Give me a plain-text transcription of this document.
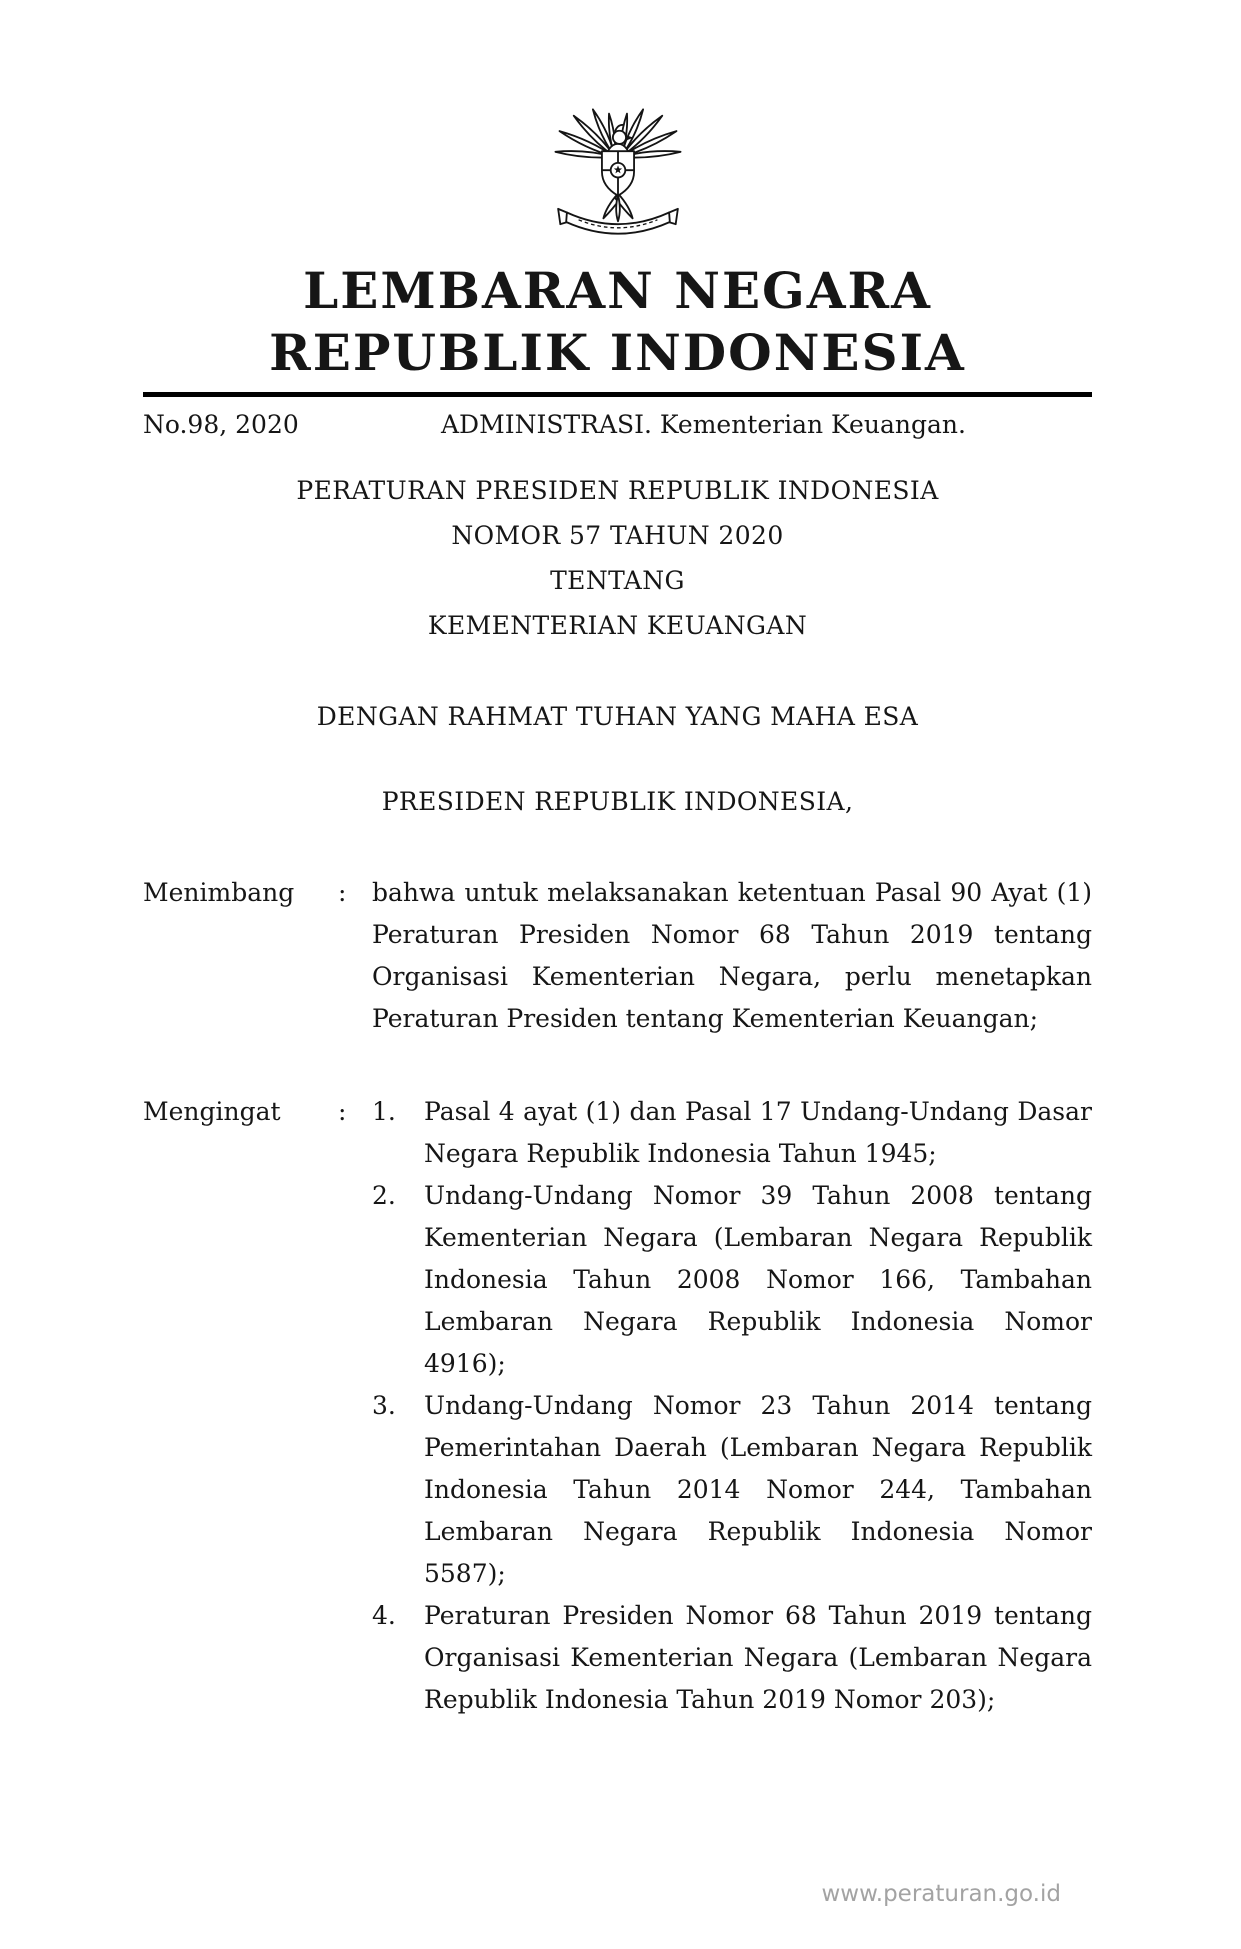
LEMBARAN NEGARA
REPUBLIK INDONESIA
No.98, 2020	ADMINISTRASI. Kementerian Keuangan.
PERATURAN PRESIDEN REPUBLIK INDONESIA
NOMOR 57 TAHUN 2020
TENTANG
KEMENTERIAN KEUANGAN
DENGAN RAHMAT TUHAN YANG MAHA ESA
PRESIDEN REPUBLIK INDONESIA,
Menimbang	:	bahwa untuk melaksanakan ketentuan Pasal 90 Ayat (1) Peraturan Presiden Nomor 68 Tahun 2019 tentang Organisasi Kementerian Negara, perlu menetapkan Peraturan Presiden tentang Kementerian Keuangan;
Mengingat	:	1.	Pasal 4 ayat (1) dan Pasal 17 Undang-Undang Dasar Negara Republik Indonesia Tahun 1945;
2.	Undang-Undang Nomor 39 Tahun 2008 tentang Kementerian Negara (Lembaran Negara Republik Indonesia Tahun 2008 Nomor 166, Tambahan Lembaran Negara Republik Indonesia Nomor 4916);
3.	Undang-Undang Nomor 23 Tahun 2014 tentang Pemerintahan Daerah (Lembaran Negara Republik Indonesia Tahun 2014 Nomor 244, Tambahan Lembaran Negara Republik Indonesia Nomor 5587);
4.	Peraturan Presiden Nomor 68 Tahun 2019 tentang Organisasi Kementerian Negara (Lembaran Negara Republik Indonesia Tahun 2019 Nomor 203);
www.peraturan.go.id
